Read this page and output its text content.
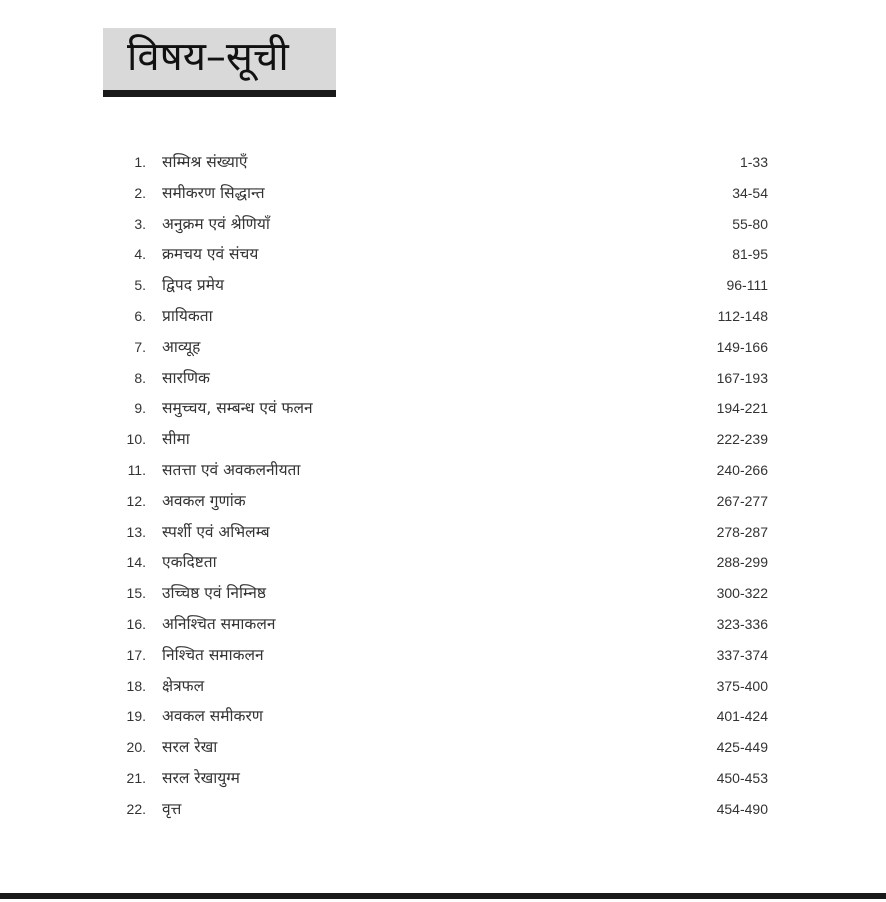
विषय–सूची
1. सम्मिश्र संख्याएँ	1-33
2. समीकरण सिद्धान्त	34-54
3. अनुक्रम एवं श्रेणियाँ	55-80
4. क्रमचय एवं संचय	81-95
5. द्विपद प्रमेय	96-111
6. प्रायिकता	112-148
7. आव्यूह	149-166
8. सारणिक	167-193
9. समुच्चय, सम्बन्ध एवं फलन	194-221
10. सीमा	222-239
11. सतत्ता एवं अवकलनीयता	240-266
12. अवकल गुणांक	267-277
13. स्पर्शी एवं अभिलम्ब	278-287
14. एकदिष्टता	288-299
15. उच्चिष्ठ एवं निम्निष्ठ	300-322
16. अनिश्चित समाकलन	323-336
17. निश्चित समाकलन	337-374
18. क्षेत्रफल	375-400
19. अवकल समीकरण	401-424
20. सरल रेखा	425-449
21. सरल रेखायुग्म	450-453
22. वृत्त	454-490
